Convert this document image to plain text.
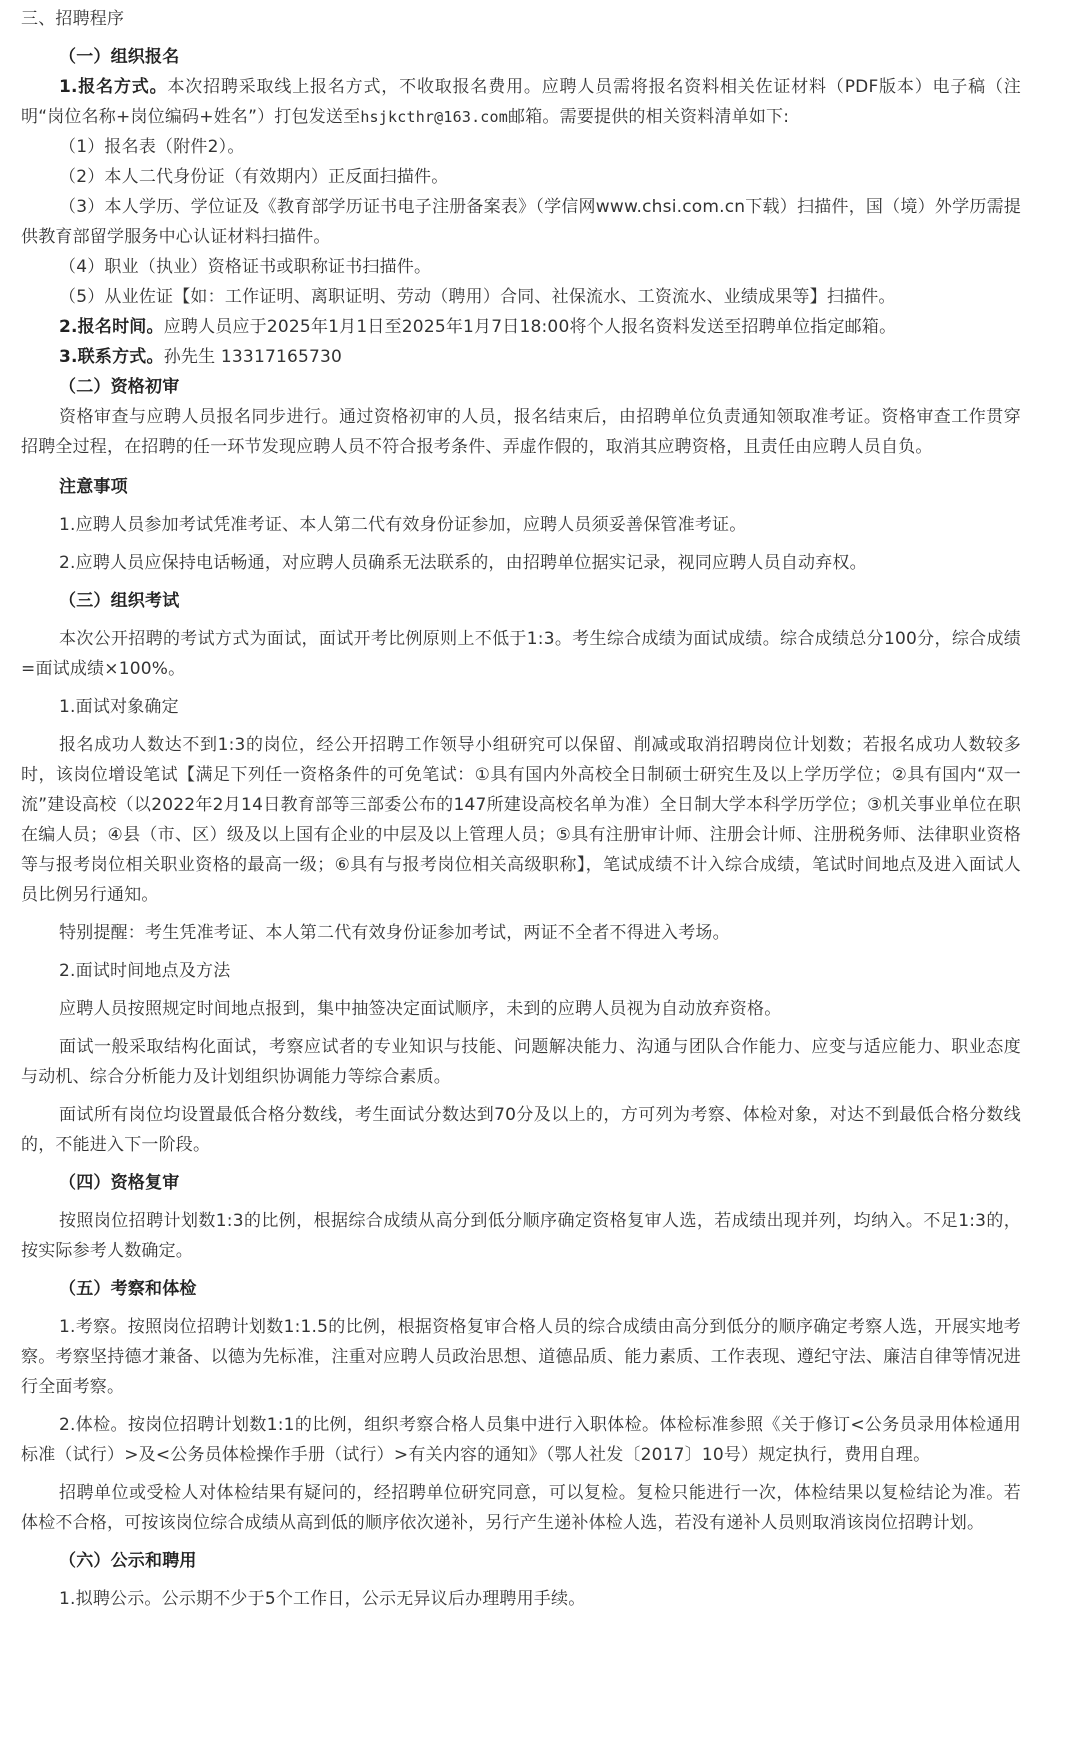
三、招聘程序

（一）组织报名

1.报名方式。本次招聘采取线上报名方式，不收取报名费用。应聘人员需将报名资料相关佐证材料（PDF版本）电子稿（注明“岗位名称+岗位编码+姓名”）打包发送至hsjkcthr@163.com邮箱。需要提供的相关资料清单如下:

（1）报名表（附件2）。

（2）本人二代身份证（有效期内）正反面扫描件。

（3）本人学历、学位证及《教育部学历证书电子注册备案表》（学信网www.chsi.com.cn下载）扫描件，国（境）外学历需提供教育部留学服务中心认证材料扫描件。

（4）职业（执业）资格证书或职称证书扫描件。

（5）从业佐证【如：工作证明、离职证明、劳动（聘用）合同、社保流水、工资流水、业绩成果等】扫描件。

2.报名时间。应聘人员应于2025年1月1日至2025年1月7日18:00将个人报名资料发送至招聘单位指定邮箱。

3.联系方式。孙先生 13317165730

（二）资格初审

资格审查与应聘人员报名同步进行。通过资格初审的人员，报名结束后，由招聘单位负责通知领取准考证。资格审查工作贯穿招聘全过程，在招聘的任一环节发现应聘人员不符合报考条件、弄虚作假的，取消其应聘资格，且责任由应聘人员自负。

注意事项

1.应聘人员参加考试凭准考证、本人第二代有效身份证参加，应聘人员须妥善保管准考证。

2.应聘人员应保持电话畅通，对应聘人员确系无法联系的，由招聘单位据实记录，视同应聘人员自动弃权。

（三）组织考试

本次公开招聘的考试方式为面试，面试开考比例原则上不低于1:3。考生综合成绩为面试成绩。综合成绩总分100分，综合成绩=面试成绩×100%。

1.面试对象确定

报名成功人数达不到1:3的岗位，经公开招聘工作领导小组研究可以保留、削减或取消招聘岗位计划数；若报名成功人数较多时，该岗位增设笔试【满足下列任一资格条件的可免笔试：①具有国内外高校全日制硕士研究生及以上学历学位；②具有国内“双一流”建设高校（以2022年2月14日教育部等三部委公布的147所建设高校名单为准）全日制大学本科学历学位；③机关事业单位在职在编人员；④县（市、区）级及以上国有企业的中层及以上管理人员；⑤具有注册审计师、注册会计师、注册税务师、法律职业资格等与报考岗位相关职业资格的最高一级；⑥具有与报考岗位相关高级职称】，笔试成绩不计入综合成绩，笔试时间地点及进入面试人员比例另行通知。

特别提醒：考生凭准考证、本人第二代有效身份证参加考试，两证不全者不得进入考场。

2.面试时间地点及方法

应聘人员按照规定时间地点报到，集中抽签决定面试顺序，未到的应聘人员视为自动放弃资格。

面试一般采取结构化面试，考察应试者的专业知识与技能、问题解决能力、沟通与团队合作能力、应变与适应能力、职业态度与动机、综合分析能力及计划组织协调能力等综合素质。

面试所有岗位均设置最低合格分数线，考生面试分数达到70分及以上的，方可列为考察、体检对象，对达不到最低合格分数线的，不能进入下一阶段。

（四）资格复审

按照岗位招聘计划数1:3的比例，根据综合成绩从高分到低分顺序确定资格复审人选，若成绩出现并列，均纳入。不足1:3的，按实际参考人数确定。

（五）考察和体检

1.考察。按照岗位招聘计划数1:1.5的比例，根据资格复审合格人员的综合成绩由高分到低分的顺序确定考察人选，开展实地考察。考察坚持德才兼备、以德为先标准，注重对应聘人员政治思想、道德品质、能力素质、工作表现、遵纪守法、廉洁自律等情况进行全面考察。

2.体检。按岗位招聘计划数1:1的比例，组织考察合格人员集中进行入职体检。体检标准参照《关于修订<公务员录用体检通用标准（试行）>及<公务员体检操作手册（试行）>有关内容的通知》（鄂人社发〔2017〕10号）规定执行，费用自理。

招聘单位或受检人对体检结果有疑问的，经招聘单位研究同意，可以复检。复检只能进行一次，体检结果以复检结论为准。若体检不合格，可按该岗位综合成绩从高到低的顺序依次递补，另行产生递补体检人选，若没有递补人员则取消该岗位招聘计划。

（六）公示和聘用

1.拟聘公示。公示期不少于5个工作日，公示无异议后办理聘用手续。
